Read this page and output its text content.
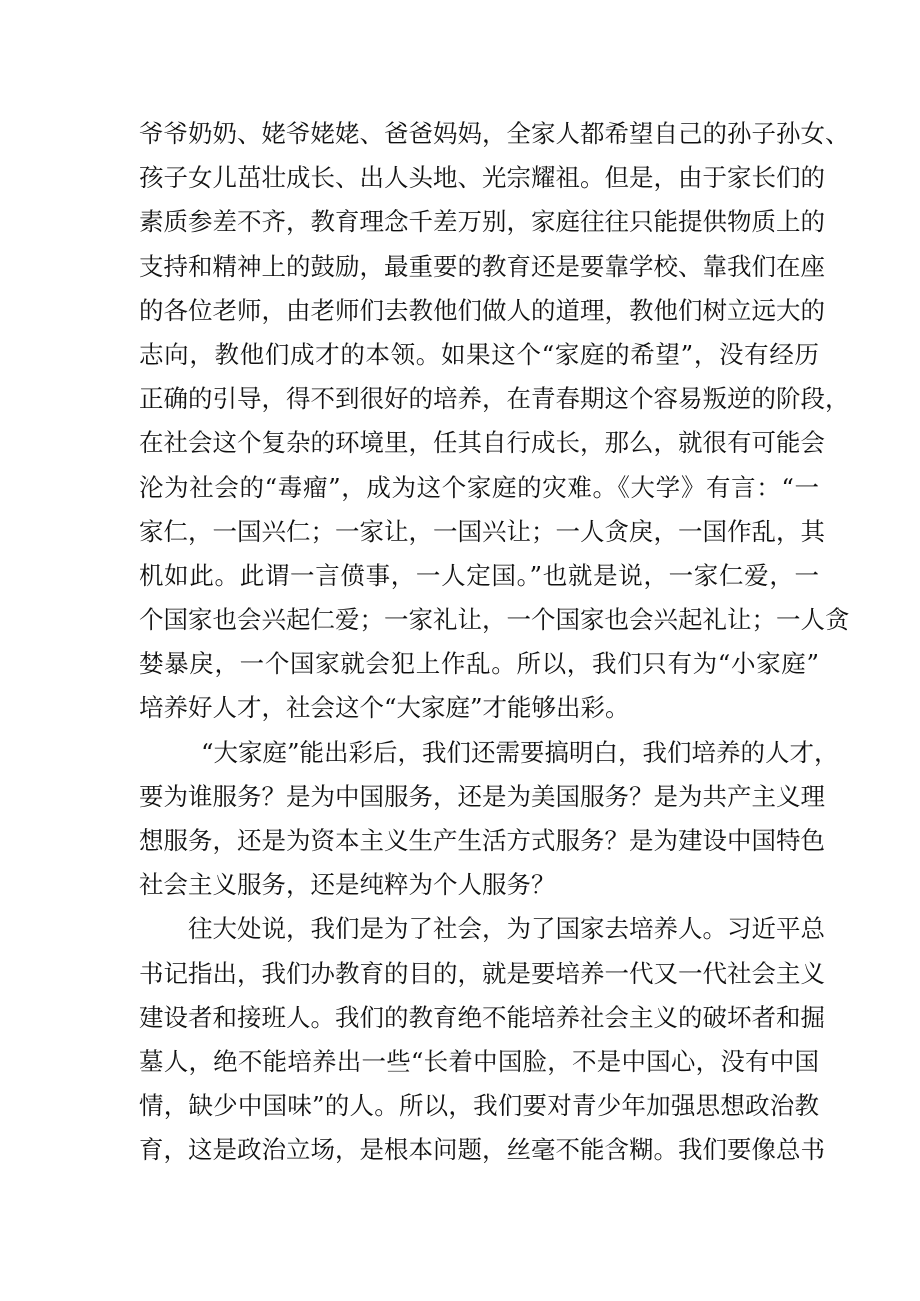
爷爷奶奶、姥爷姥姥、爸爸妈妈，全家人都希望自己的孙子孙女、
孩子女儿茁壮成长、出人头地、光宗耀祖。但是，由于家长们的
素质参差不齐，教育理念千差万别，家庭往往只能提供物质上的
支持和精神上的鼓励，最重要的教育还是要靠学校、靠我们在座
的各位老师，由老师们去教他们做人的道理，教他们树立远大的
志向，教他们成才的本领。如果这个“家庭的希望”，没有经历
正确的引导，得不到很好的培养，在青春期这个容易叛逆的阶段，
在社会这个复杂的环境里，任其自行成长，那么，就很有可能会
沦为社会的“毒瘤”，成为这个家庭的灾难。《大学》有言：“一
家仁，一国兴仁；一家让，一国兴让；一人贪戾，一国作乱，其
机如此。此谓一言偾事，一人定国。”也就是说，一家仁爱，一
个国家也会兴起仁爱；一家礼让，一个国家也会兴起礼让；一人贪
婪暴戾，一个国家就会犯上作乱。所以，我们只有为“小家庭”
培养好人才，社会这个“大家庭”才能够出彩。
“大家庭”能出彩后，我们还需要搞明白，我们培养的人才，
要为谁服务？是为中国服务，还是为美国服务？是为共产主义理
想服务，还是为资本主义生产生活方式服务？是为建设中国特色
社会主义服务，还是纯粹为个人服务？
往大处说，我们是为了社会，为了国家去培养人。习近平总
书记指出，我们办教育的目的，就是要培养一代又一代社会主义
建设者和接班人。我们的教育绝不能培养社会主义的破坏者和掘
墓人，绝不能培养出一些“长着中国脸，不是中国心，没有中国
情，缺少中国味”的人。所以，我们要对青少年加强思想政治教
育，这是政治立场，是根本问题，丝毫不能含糊。我们要像总书
